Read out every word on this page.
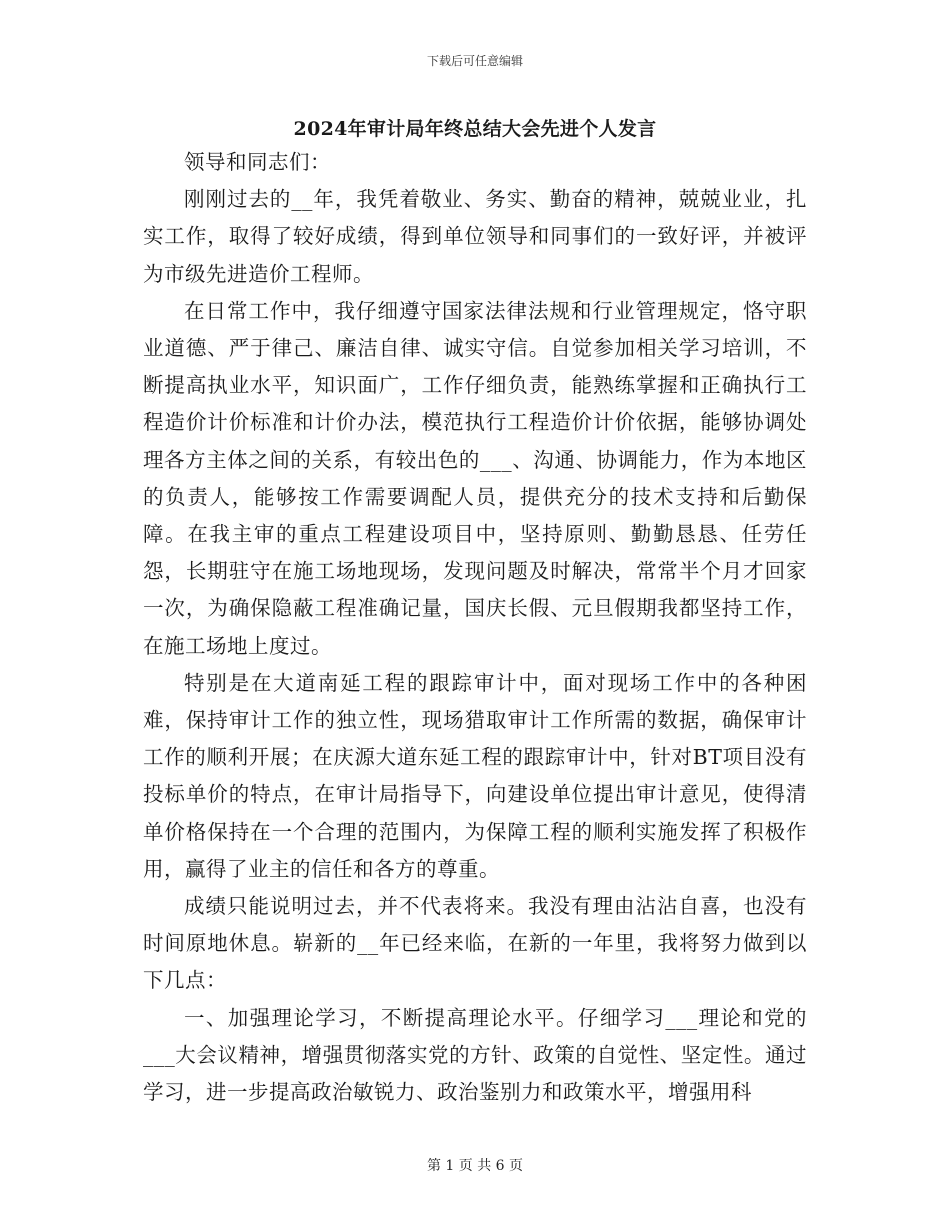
下载后可任意编辑
2024年审计局年终总结大会先进个人发言

领导和同志们：

刚刚过去的__年，我凭着敬业、务实、勤奋的精神，兢兢业业，扎实工作，取得了较好成绩，得到单位领导和同事们的一致好评，并被评为市级先进造价工程师。

在日常工作中，我仔细遵守国家法律法规和行业管理规定，恪守职业道德、严于律己、廉洁自律、诚实守信。自觉参加相关学习培训，不断提高执业水平，知识面广，工作仔细负责，能熟练掌握和正确执行工程造价计价标准和计价办法，模范执行工程造价计价依据，能够协调处理各方主体之间的关系，有较出色的___、沟通、协调能力，作为本地区的负责人，能够按工作需要调配人员，提供充分的技术支持和后勤保障。在我主审的重点工程建设项目中，坚持原则、勤勤恳恳、任劳任怨，长期驻守在施工场地现场，发现问题及时解决，常常半个月才回家一次，为确保隐蔽工程准确记量，国庆长假、元旦假期我都坚持工作，在施工场地上度过。

特别是在大道南延工程的跟踪审计中，面对现场工作中的各种困难，保持审计工作的独立性，现场猎取审计工作所需的数据，确保审计工作的顺利开展；在庆源大道东延工程的跟踪审计中，针对BT项目没有投标单价的特点，在审计局指导下，向建设单位提出审计意见，使得清单价格保持在一个合理的范围内，为保障工程的顺利实施发挥了积极作用，赢得了业主的信任和各方的尊重。

成绩只能说明过去，并不代表将来。我没有理由沾沾自喜，也没有时间原地休息。崭新的__年已经来临，在新的一年里，我将努力做到以下几点：

一、加强理论学习，不断提高理论水平。仔细学习___理论和党的___大会议精神，增强贯彻落实党的方针、政策的自觉性、坚定性。通过学习，进一步提高政治敏锐力、政治鉴别力和政策水平，增强用科

第 1 页 共 6 页
